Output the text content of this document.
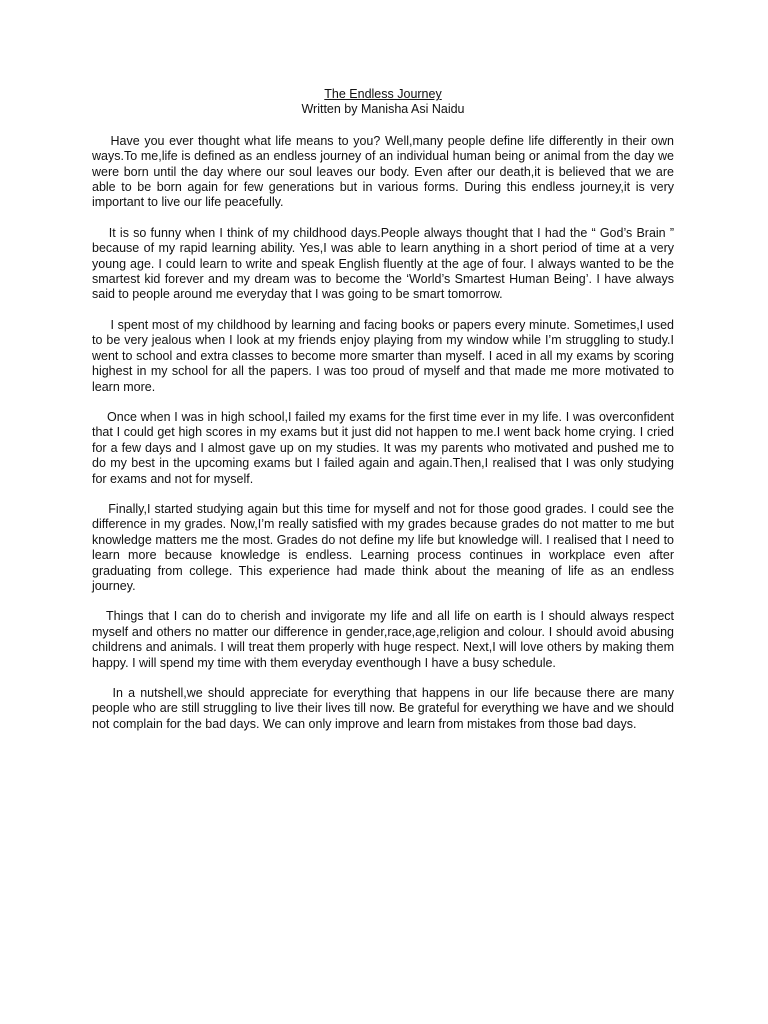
The Endless Journey

Written by Manisha Asi Naidu

Have you ever thought what life means to you? Well,many people define life differently in their own ways.To me,life is defined as an endless journey of an individual human being or animal from the day we were born until the day where our soul leaves our body. Even after our death,it is believed that we are able to be born again for few generations but in various forms. During this endless journey,it is very important to live our life peacefully.

It is so funny when I think of my childhood days.People always thought that I had the “ God’s Brain ” because of my rapid learning ability. Yes,I was able to learn anything in a short period of time at a very young age. I could learn to write and speak English fluently at the age of four. I always wanted to be the smartest kid forever and my dream was to become the ‘World’s Smartest Human Being’. I have always said to people around me everyday that I was going to be smart tomorrow.

I spent most of my childhood by learning and facing books or papers every minute. Sometimes,I used to be very jealous when I look at my friends enjoy playing from my window while I’m struggling to study.I went to school and extra classes to become more smarter than myself. I aced in all my exams by scoring highest in my school for all the papers. I was too proud of myself and that made me more motivated to learn more.

Once when I was in high school,I failed my exams for the first time ever in my life. I was overconfident that I could get high scores in my exams but it just did not happen to me.I went back home crying. I cried for a few days and I almost gave up on my studies. It was my parents who motivated and pushed me to do my best in the upcoming exams but I failed again and again.Then,I realised that I was only studying for exams and not for myself.

Finally,I started studying again but this time for myself and not for those good grades. I could see the difference in my grades. Now,I’m really satisfied with my grades because grades do not matter to me but knowledge matters me the most. Grades do not define my life but knowledge will. I realised that I need to learn more because knowledge is endless. Learning process continues in workplace even after graduating from college. This experience had made think about the meaning of life as an endless journey.

Things that I can do to cherish and invigorate my life and all life on earth is I should always respect myself and others no matter our difference in gender,race,age,religion and colour. I should avoid abusing childrens and animals. I will treat them properly with huge respect. Next,I will love others by making them happy. I will spend my time with them everyday eventhough I have a busy schedule.

In a nutshell,we should appreciate for everything that happens in our life because there are many people who are still struggling to live their lives till now. Be grateful for everything we have and we should not complain for the bad days. We can only improve and learn from mistakes from those bad days.
